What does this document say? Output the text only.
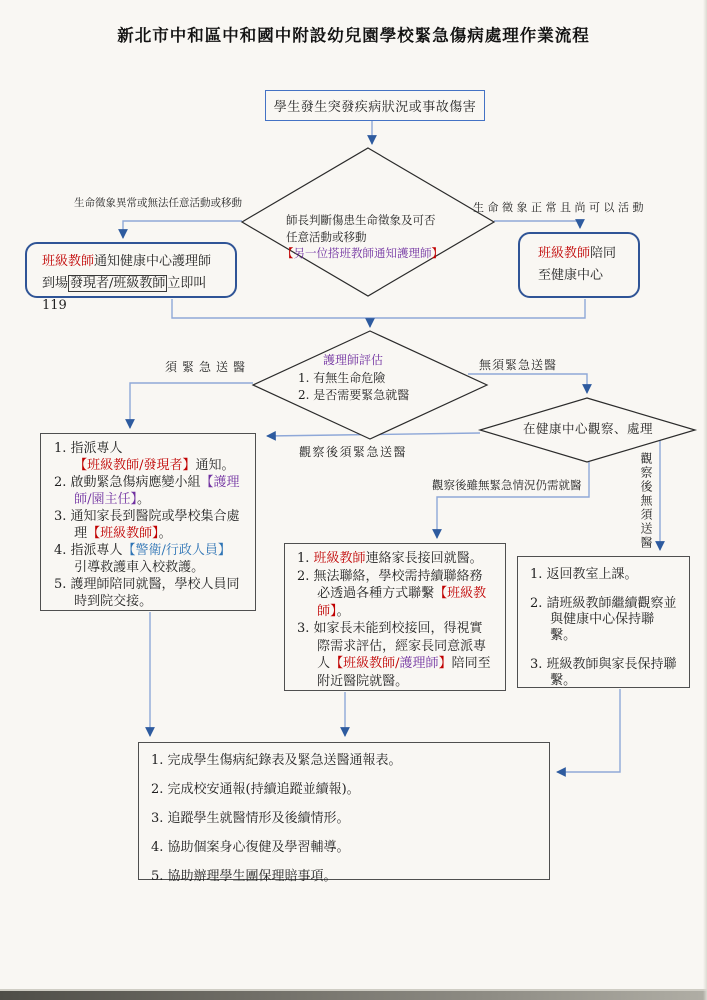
新北市中和區中和國中附設幼兒園學校緊急傷病處理作業流程
學生發生突發疾病狀況或事故傷害
師長判斷傷患生命徵象及可否
任意活動或移動
【另一位搭班教師通知護理師】
生命徵象異常或無法任意活動或移動	生命徵象正常且尚可以活動
班級教師通知健康中心護理師到場 發現者/班級教師 立即叫 119
班級教師陪同
至健康中心
護理師評估
1. 有無生命危險
2. 是否需要緊急就醫
須緊急送醫	無須緊急送醫
在健康中心觀察、處理
觀察後須緊急送醫
觀察後雖無緊急情況仍需就醫	觀察後無須送醫
1. 指派專人【班級教師/發現者】通知。
2. 啟動緊急傷病應變小組【護理師/園主任】。
3. 通知家長到醫院或學校集合處理【班級教師】。
4. 指派專人【警衛/行政人員】引導救護車入校救護。
5. 護理師陪同就醫，學校人員同時到院交接。
1. 班級教師連絡家長接回就醫。
2. 無法聯絡，學校需持續聯絡務必透過各種方式聯繫【班級教師】。
3. 如家長未能到校接回，得視實際需求評估，經家長同意派專人【班級教師/護理師】陪同至附近醫院就醫。
1. 返回教室上課。
2. 請班級教師繼續觀察並與健康中心保持聯繫。
3. 班級教師與家長保持聯繫。
1. 完成學生傷病紀錄表及緊急送醫通報表。
2. 完成校安通報(持續追蹤並續報)。
3. 追蹤學生就醫情形及後續情形。
4. 協助個案身心復健及學習輔導。
5. 協助辦理學生團保理賠事項。
